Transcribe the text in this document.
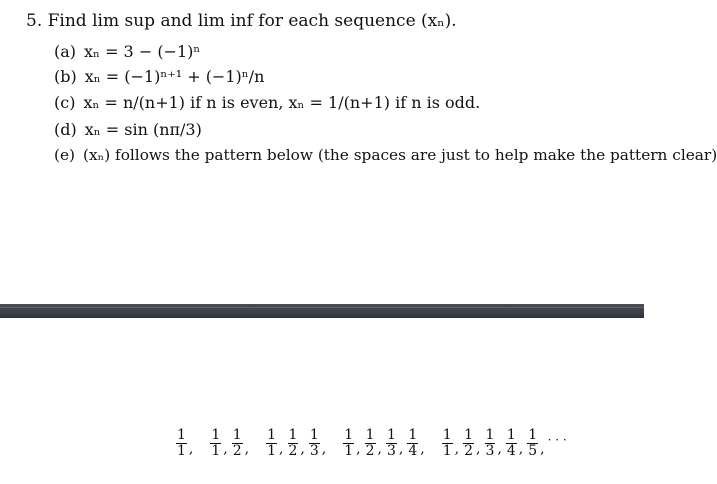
5. Find lim sup and lim inf for each sequence (xₙ).
(a) xₙ = 3 − (−1)ⁿ
(b) xₙ = (−1)ⁿ⁺¹ + (−1)ⁿ/n
(c) xₙ = n/(n+1) if n is even, xₙ = 1/(n+1) if n is odd.
(d) xₙ = sin (nπ/3)
(e) (xₙ) follows the pattern below (the spaces are just to help make the pattern clear)
$\frac{1}{1}$ , $\frac{1}{1}$ , $\frac{1}{2}$ , $\frac{1}{1}$ , $\frac{1}{2}$ , $\frac{1}{3}$ , $\frac{1}{1}$ , $\frac{1}{2}$ , $\frac{1}{3}$ , $\frac{1}{4}$ , $\frac{1}{1}$ , $\frac{1}{2}$ , $\frac{1}{3}$ , $\frac{1}{4}$ , $\frac{1}{5}$ ,
· · ·
